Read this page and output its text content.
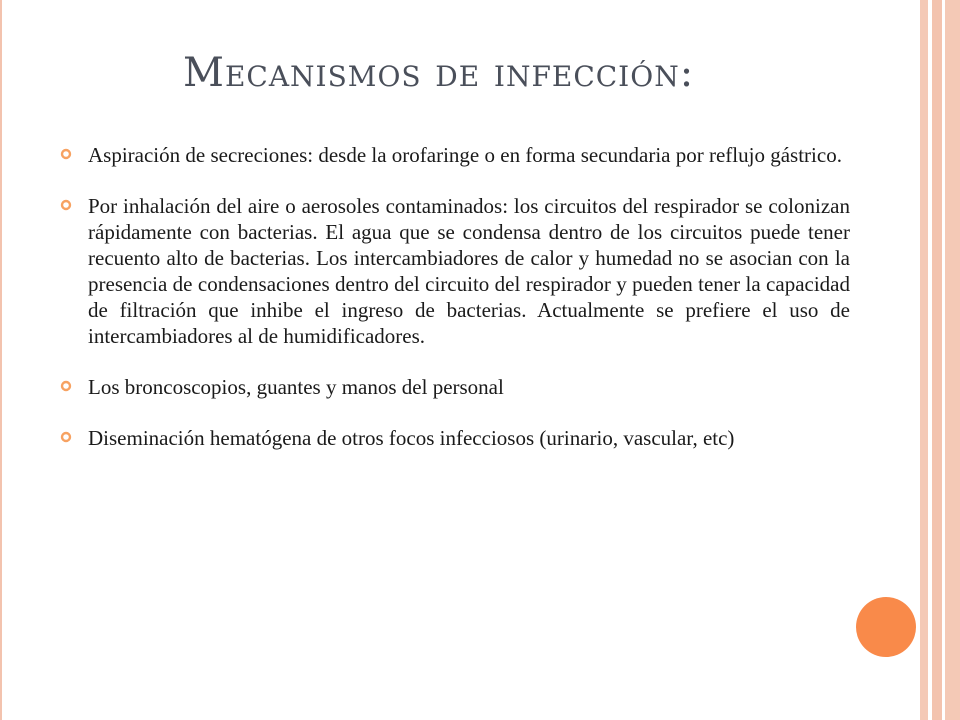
Mecanismos de infección:
Aspiración de secreciones: desde la orofaringe o en forma secundaria por reflujo gástrico.
Por inhalación del aire o aerosoles contaminados: los circuitos del respirador se colonizan rápidamente con bacterias. El agua que se condensa dentro de los circuitos puede tener recuento alto de bacterias. Los intercambiadores de calor y humedad no se asocian con la presencia de condensaciones dentro del circuito del respirador y pueden tener la capacidad de filtración que inhibe el ingreso de bacterias. Actualmente se prefiere el uso de intercambiadores al de humidificadores.
Los broncoscopios, guantes y manos del personal
Diseminación hematógena de otros focos infecciosos (urinario, vascular, etc)
